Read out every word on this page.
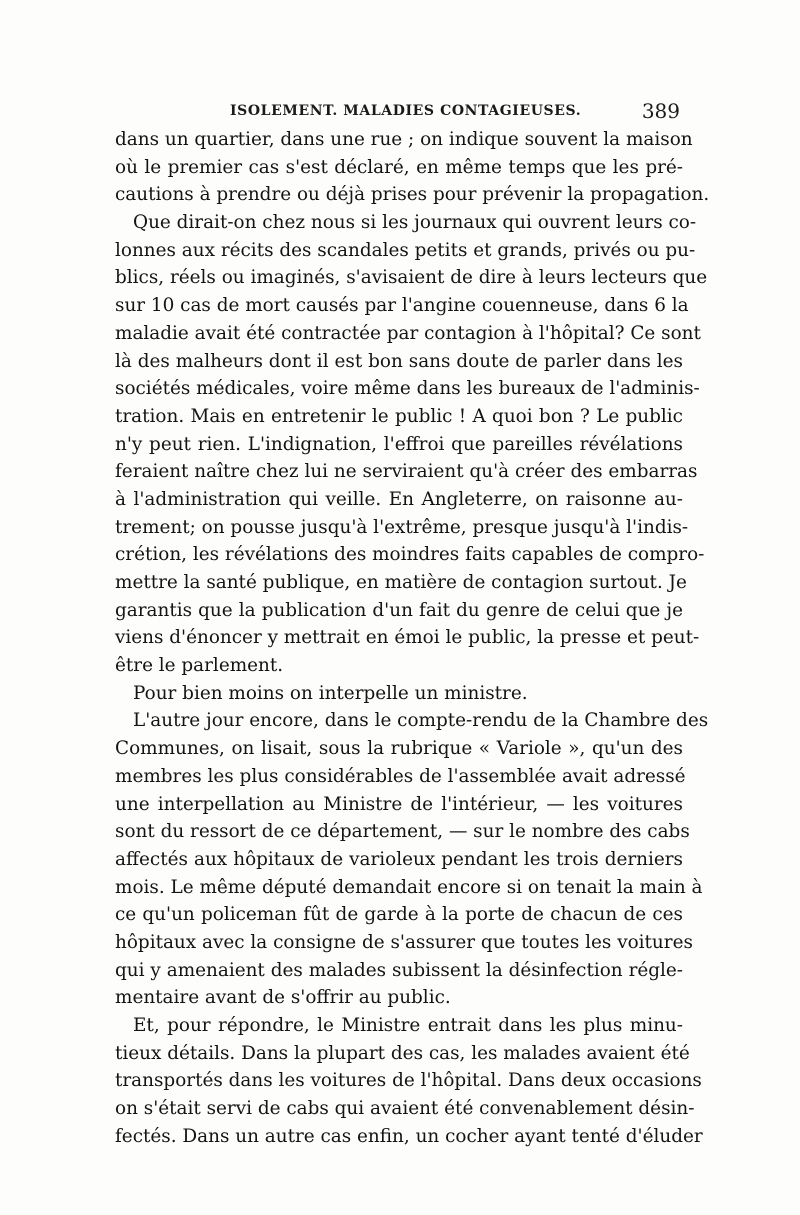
ISOLEMENT. MALADIES CONTAGIEUSES.	389
dans un quartier, dans une rue ; on indique souvent la maison
où le premier cas s'est déclaré, en même temps que les pré-
cautions à prendre ou déjà prises pour prévenir la propagation.
Que dirait-on chez nous si les journaux qui ouvrent leurs co-
lonnes aux récits des scandales petits et grands, privés ou pu-
blics, réels ou imaginés, s'avisaient de dire à leurs lecteurs que
sur 10 cas de mort causés par l'angine couenneuse, dans 6 la
maladie avait été contractée par contagion à l'hôpital? Ce sont
là des malheurs dont il est bon sans doute de parler dans les
sociétés médicales, voire même dans les bureaux de l'adminis-
tration. Mais en entretenir le public ! A quoi bon ? Le public
n'y peut rien. L'indignation, l'effroi que pareilles révélations
feraient naître chez lui ne serviraient qu'à créer des embarras
à l'administration qui veille. En Angleterre, on raisonne au-
trement; on pousse jusqu'à l'extrême, presque jusqu'à l'indis-
crétion, les révélations des moindres faits capables de compro-
mettre la santé publique, en matière de contagion surtout. Je
garantis que la publication d'un fait du genre de celui que je
viens d'énoncer y mettrait en émoi le public, la presse et peut-
être le parlement.
Pour bien moins on interpelle un ministre.
L'autre jour encore, dans le compte-rendu de la Chambre des
Communes, on lisait, sous la rubrique « Variole », qu'un des
membres les plus considérables de l'assemblée avait adressé
une interpellation au Ministre de l'intérieur, — les voitures
sont du ressort de ce département, — sur le nombre des cabs
affectés aux hôpitaux de varioleux pendant les trois derniers
mois. Le même député demandait encore si on tenait la main à
ce qu'un policeman fût de garde à la porte de chacun de ces
hôpitaux avec la consigne de s'assurer que toutes les voitures
qui y amenaient des malades subissent la désinfection régle-
mentaire avant de s'offrir au public.
Et, pour répondre, le Ministre entrait dans les plus minu-
tieux détails. Dans la plupart des cas, les malades avaient été
transportés dans les voitures de l'hôpital. Dans deux occasions
on s'était servi de cabs qui avaient été convenablement désin-
fectés. Dans un autre cas enfin, un cocher ayant tenté d'éluder
